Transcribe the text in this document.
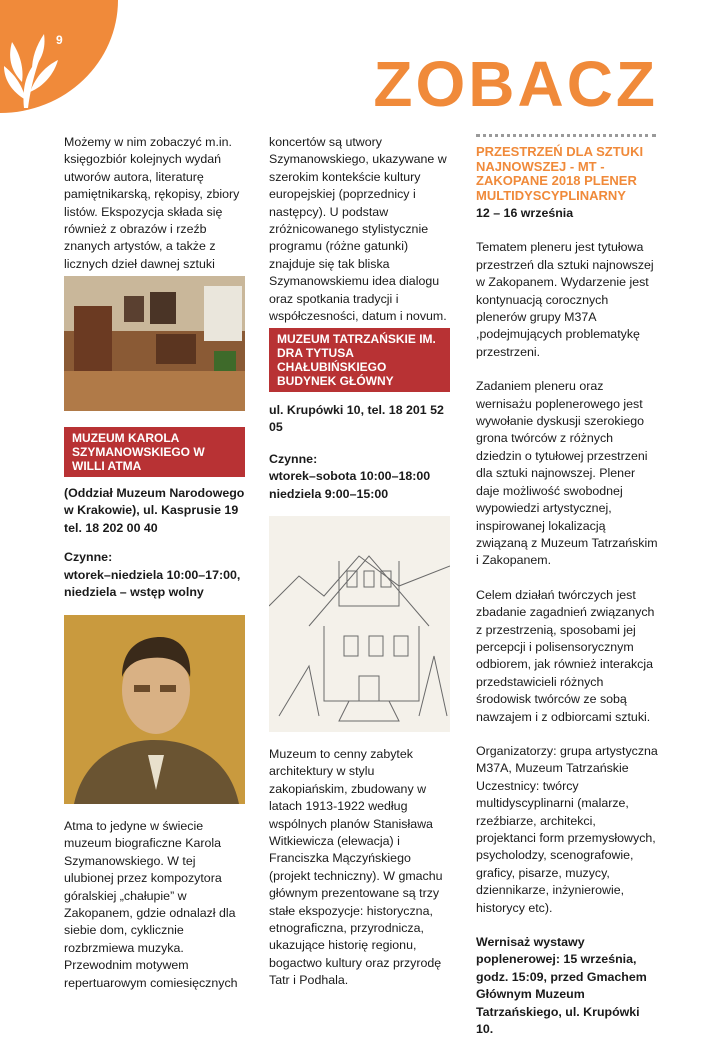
9
ZOBACZ

Możemy w nim zobaczyć m.in. księgozbiór kolejnych wydań utworów autora, literaturę pamiętnikarską, rękopisy, zbiory listów. Ekspozycja składa się również z obrazów i rzeźb znanych artystów, a także z licznych dzieł dawnej sztuki

MUZEUM KAROLA SZYMANOWSKIEGO W WILLI ATMA

(Oddział Muzeum Narodowego w Krakowie), ul. Kasprusie 19 tel. 18 202 00 40

Czynne:

wtorek–niedziela 10:00–17:00, niedziela – wstęp wolny

Atma to jedyne w świecie muzeum biograficzne Karola Szymanowskiego. W tej ulubionej przez kompozytora góralskiej „chałupie” w Zakopanem, gdzie odnalazł dla siebie dom, cyklicznie rozbrzmiewa muzyka. Przewodnim motywem repertuarowym comiesięcznych

koncertów są utwory Szymanowskiego, ukazywane w szerokim kontekście kultury europejskiej (poprzednicy i następcy). U podstaw zróżnicowanego stylistycznie programu (różne gatunki) znajduje się tak bliska Szymanowskiemu idea dialogu oraz spotkania tradycji i współczesności, datum i novum.

MUZEUM TATRZAŃSKIE IM. DRA TYTUSA CHAŁUBIŃSKIEGO BUDYNEK GŁÓWNY

ul. Krupówki 10, tel. 18 201 52 05

Czynne:

wtorek–sobota 10:00–18:00 niedziela 9:00–15:00

Muzeum to cenny zabytek architektury w stylu zakopiańskim, zbudowany w latach 1913-1922 według wspólnych planów Stanisława Witkiewicza (elewacja) i Franciszka Mączyńskiego (projekt techniczny). W gmachu głównym prezentowane są trzy stałe ekspozycje: historyczna, etnograficzna, przyrodnicza, ukazujące historię regionu, bogactwo kultury oraz przyrodę Tatr i Podhala.

PRZESTRZEŃ DLA SZTUKI NAJNOWSZEJ - MT - ZAKOPANE 2018 PLENER MULTIDYSCYPLINARNY

12 – 16 września

Tematem pleneru jest tytułowa przestrzeń dla sztuki najnowszej w Zakopanem. Wydarzenie jest kontynuacją corocznych plenerów grupy M37A ,podejmujących problematykę przestrzeni.

Zadaniem pleneru oraz wernisażu poplenerowego jest wywołanie dyskusji szerokiego grona twórców z różnych dziedzin o tytułowej przestrzeni dla sztuki najnowszej. Plener daje możliwość swobodnej wypowiedzi artystycznej, inspirowanej lokalizacją związaną z Muzeum Tatrzańskim i Zakopanem.

Celem działań twórczych jest zbadanie zagadnień związanych z przestrzenią, sposobami jej percepcji i polisensorycznym odbiorem, jak również interakcja przedstawicieli różnych środowisk twórców ze sobą nawzajem i z odbiorcami sztuki.

Organizatorzy: grupa artystyczna M37A, Muzeum Tatrzańskie

Uczestnicy: twórcy multidyscyplinarni (malarze, rzeźbiarze, architekci, projektanci form przemysłowych, psycholodzy, scenografowie, graficy, pisarze, muzycy, dziennikarze, inżynierowie, historycy etc).

Wernisaż wystawy poplenerowej: 15 września, godz. 15:09, przed Gmachem Głównym Muzeum Tatrzańskiego, ul. Krupówki 10.
